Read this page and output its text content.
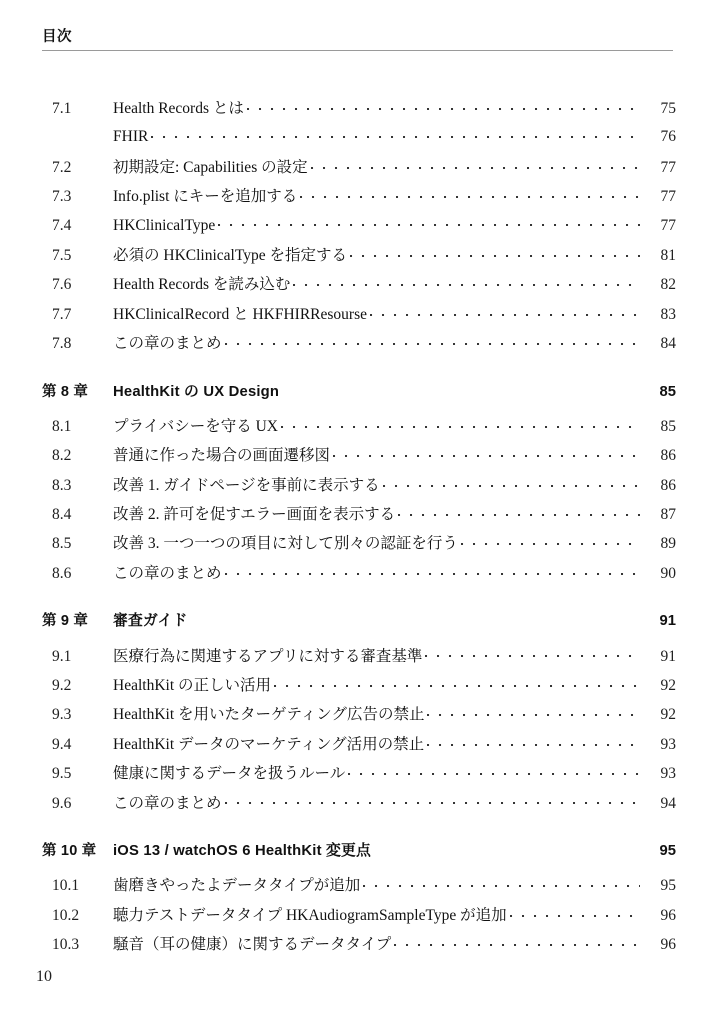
目次
7.1	Health Records とは	75
FHIR	76
7.2	初期設定: Capabilities の設定	77
7.3	Info.plist にキーを追加する	77
7.4	HKClinicalType	77
7.5	必須の HKClinicalType を指定する	81
7.6	Health Records を読み込む	82
7.7	HKClinicalRecord と HKFHIRResourse	83
7.8	この章のまとめ	84
第 8 章	HealthKit の UX Design	85
8.1	プライバシーを守る UX	85
8.2	普通に作った場合の画面遷移図	86
8.3	改善 1. ガイドページを事前に表示する	86
8.4	改善 2. 許可を促すエラー画面を表示する	87
8.5	改善 3. 一つ一つの項目に対して別々の認証を行う	89
8.6	この章のまとめ	90
第 9 章	審査ガイド	91
9.1	医療行為に関連するアプリに対する審査基準	91
9.2	HealthKit の正しい活用	92
9.3	HealthKit を用いたターゲティング広告の禁止	92
9.4	HealthKit データのマーケティング活用の禁止	93
9.5	健康に関するデータを扱うルール	93
9.6	この章のまとめ	94
第 10 章	iOS 13 / watchOS 6 HealthKit 変更点	95
10.1	歯磨きやったよデータタイプが追加	95
10.2	聴力テストデータタイプ HKAudiogramSampleType が追加	96
10.3	騒音（耳の健康）に関するデータタイプ	96
10
